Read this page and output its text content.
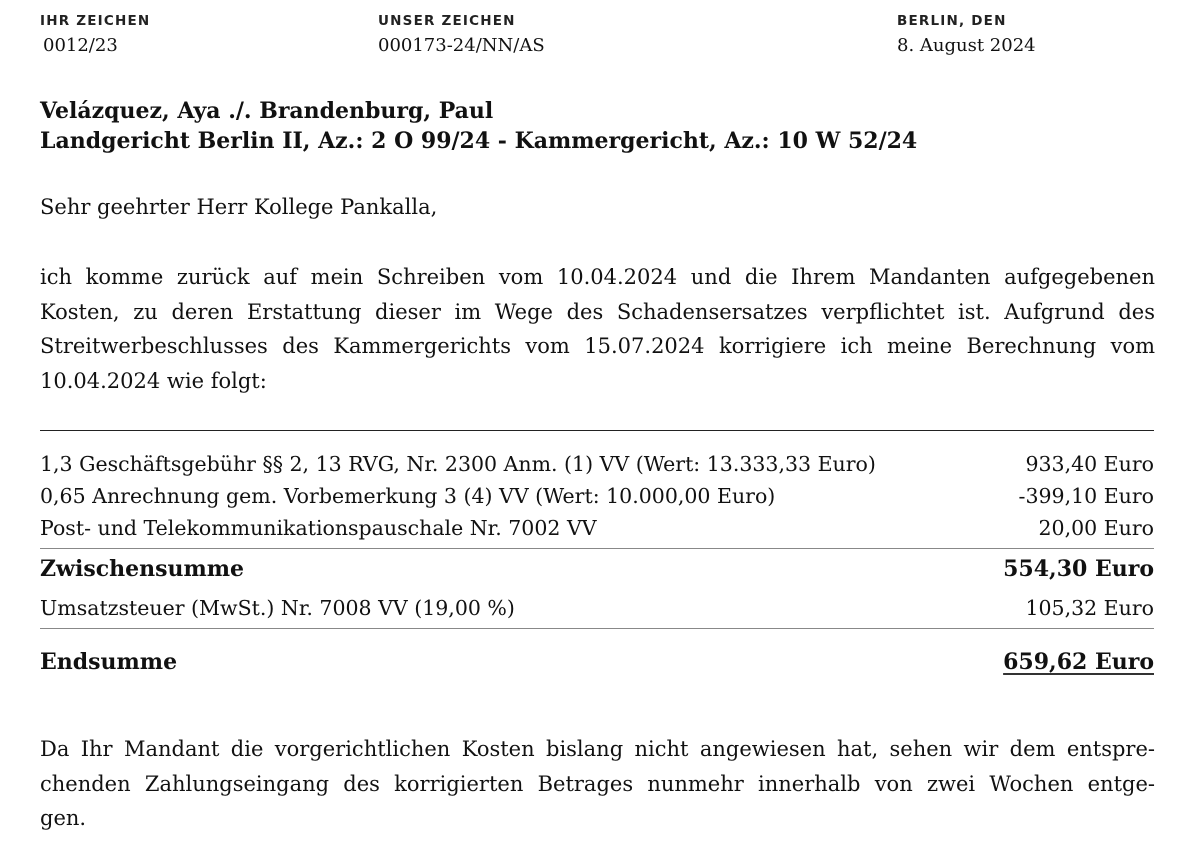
IHR ZEICHEN
0012/23
UNSER ZEICHEN
000173-24/NN/AS
BERLIN, DEN
8. August 2024
Velázquez, Aya ./. Brandenburg, Paul
Landgericht Berlin II, Az.: 2 O 99/24 - Kammergericht, Az.: 10 W 52/24
Sehr geehrter Herr Kollege Pankalla,
ich komme zurück auf mein Schreiben vom 10.04.2024 und die Ihrem Mandanten aufgegebenen
Kosten, zu deren Erstattung dieser im Wege des Schadensersatzes verpflichtet ist. Aufgrund des
Streitwerbeschlusses des Kammergerichts vom 15.07.2024 korrigiere ich meine Berechnung vom
10.04.2024 wie folgt:
1,3 Geschäftsgebühr §§ 2, 13 RVG, Nr. 2300 Anm. (1) VV (Wert: 13.333,33 Euro)	933,40 Euro
0,65 Anrechnung gem. Vorbemerkung 3 (4) VV (Wert: 10.000,00 Euro)	-399,10 Euro
Post- und Telekommunikationspauschale Nr. 7002 VV	20,00 Euro
Zwischensumme	554,30 Euro
Umsatzsteuer (MwSt.) Nr. 7008 VV (19,00 %)	105,32 Euro
Endsumme	659,62 Euro
Da Ihr Mandant die vorgerichtlichen Kosten bislang nicht angewiesen hat, sehen wir dem entspre-
chenden Zahlungseingang des korrigierten Betrages nunmehr innerhalb von zwei Wochen entge-
gen.
